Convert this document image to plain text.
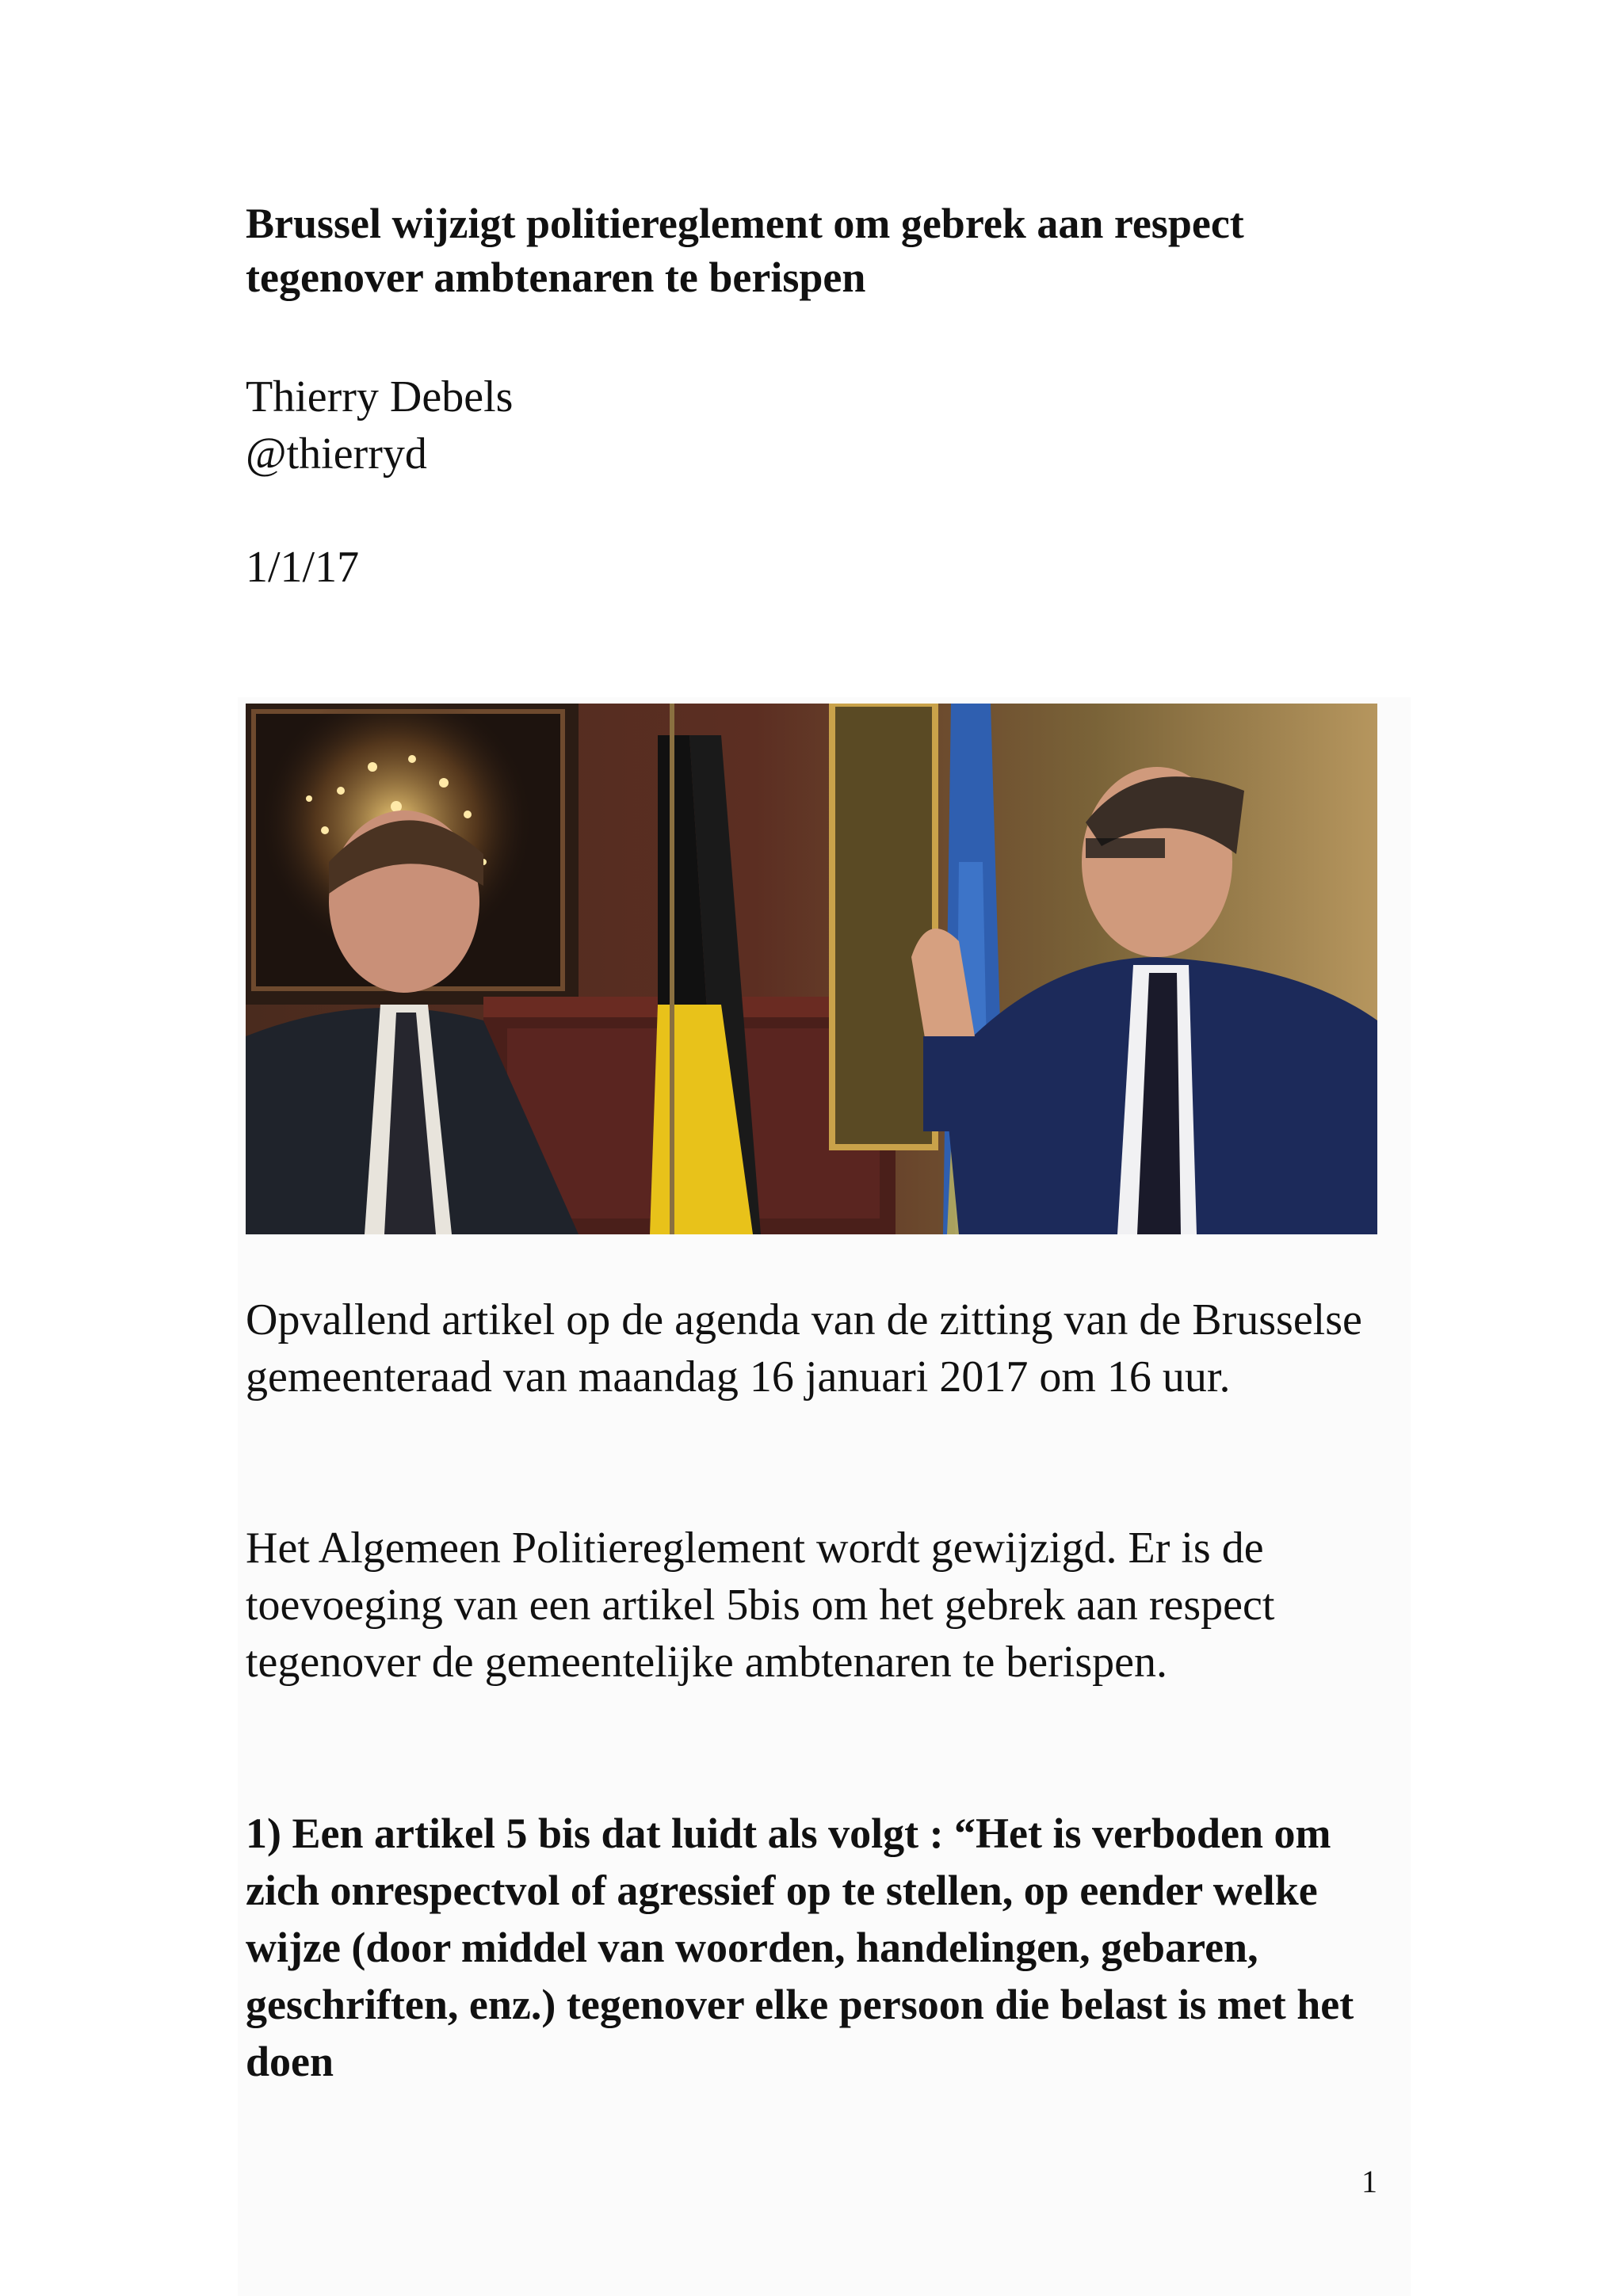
Brussel wijzigt politiereglement om gebrek aan respect tegenover ambtenaren te berispen
Thierry Debels
@thierryd
1/1/17

Opvallend artikel op de agenda van de zitting van de Brusselse gemeenteraad van maandag 16 januari 2017 om 16 uur.

Het Algemeen Politiereglement wordt gewijzigd. Er is de toevoeging van een artikel 5bis om het gebrek aan respect tegenover de gemeentelijke ambtenaren te berispen.

1) Een artikel 5 bis dat luidt als volgt : “Het is verboden om zich onrespectvol of agressief op te stellen, op eender welke wijze (door middel van woorden, handelingen, gebaren, geschriften, enz.) tegenover elke persoon die belast is met het doen

1
